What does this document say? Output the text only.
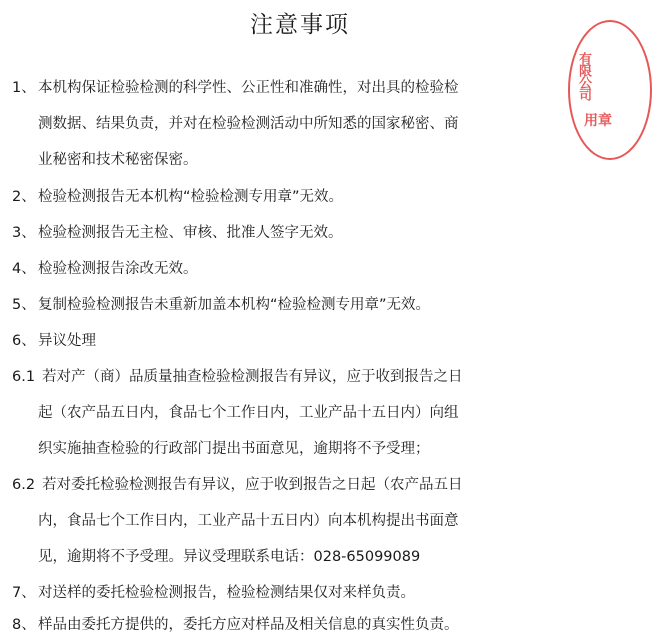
注意事项
有限公司
用章
1、 本机构保证检验检测的科学性、公正性和准确性，对出具的检验检
测数据、结果负责，并对在检验检测活动中所知悉的国家秘密、商
业秘密和技术秘密保密。
2、 检验检测报告无本机构“检验检测专用章”无效。
3、 检验检测报告无主检、审核、批准人签字无效。
4、 检验检测报告涂改无效。
5、 复制检验检测报告未重新加盖本机构“检验检测专用章”无效。
6、 异议处理
6.1 若对产（商）品质量抽查检验检测报告有异议，应于收到报告之日
起（农产品五日内，食品七个工作日内，工业产品十五日内）向组
织实施抽查检验的行政部门提出书面意见，逾期将不予受理；
6.2 若对委托检验检测报告有异议，应于收到报告之日起（农产品五日
内，食品七个工作日内，工业产品十五日内）向本机构提出书面意
见，逾期将不予受理。异议受理联系电话：028-65099089
7、 对送样的委托检验检测报告，检验检测结果仅对来样负责。
8、 样品由委托方提供的，委托方应对样品及相关信息的真实性负责。
